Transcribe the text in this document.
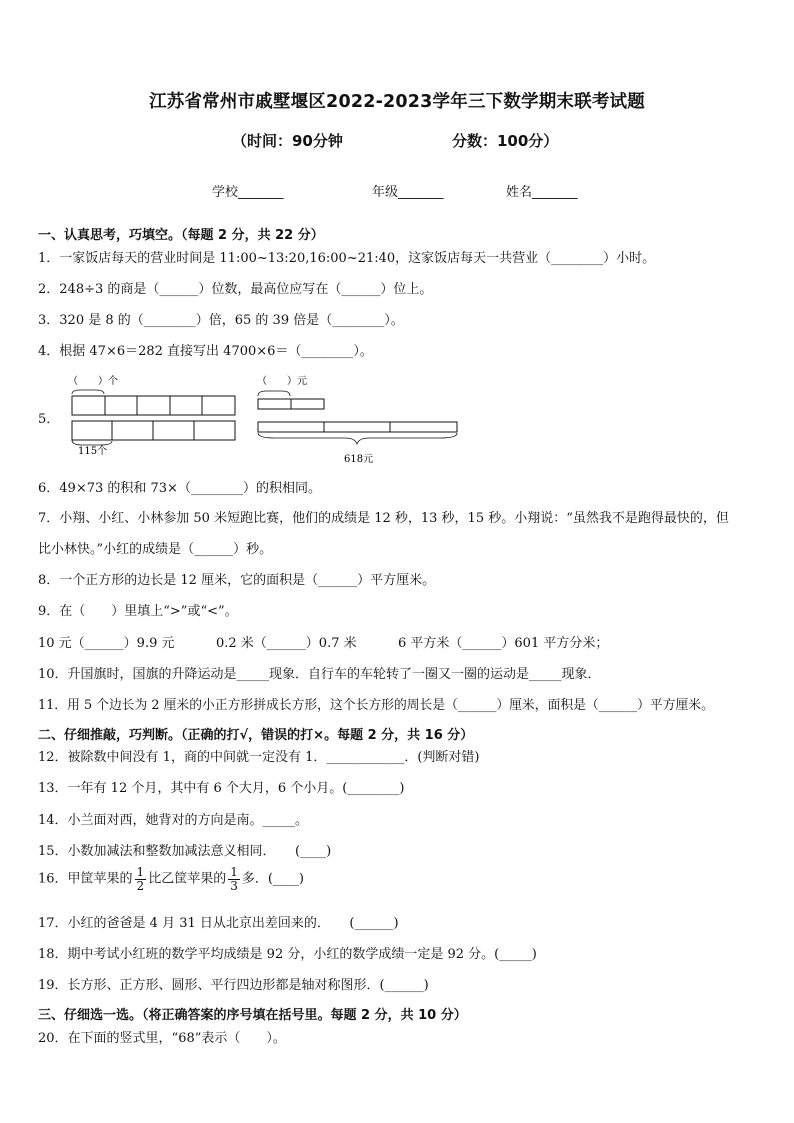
江苏省常州市戚墅堰区2022-2023学年三下数学期末联考试题
（时间：90分钟	分数：100分）
学校_______	年级_______	姓名_______
一、认真思考，巧填空。（每题 2 分，共 22 分）
1．一家饭店每天的营业时间是 11:00~13:20,16:00~21:40，这家饭店每天一共营业（________）小时。
2．248÷3 的商是（______）位数，最高位应写在（______）位上。
3．320 是 8 的（________）倍，65 的 39 倍是（________）。
4．根据 47×6＝282 直接写出 4700×6＝（________）。
5．
（　　）个
115个
（　　）元
618元
6．49×73 的积和 73×（________）的积相同。
7．小翔、小红、小林参加 50 米短跑比赛，他们的成绩是 12 秒，13 秒，15 秒。小翔说：“虽然我不是跑得最快的，但
比小林快。”小红的成绩是（______）秒。
8．一个正方形的边长是 12 厘米，它的面积是（______）平方厘米。
9．在（　　）里填上“>”或“<”。
10 元（______）9.9 元	0.2 米（______）0.7 米	6 平方米（______）601 平方分米；
10．升国旗时，国旗的升降运动是_____现象．自行车的车轮转了一圈又一圈的运动是_____现象．
11．用 5 个边长为 2 厘米的小正方形拼成长方形，这个长方形的周长是（______）厘米，面积是（______）平方厘米。
二、仔细推敲，巧判断。（正确的打√，错误的打×。每题 2 分，共 16 分）
12．被除数中间没有 1，商的中间就一定没有 1．____________．(判断对错)
13．一年有 12 个月，其中有 6 个大月，6 个小月。(________)
14．小兰面对西，她背对的方向是南。_____。
15．小数加减法和整数加减法意义相同．　　(____)
16．甲筐苹果的 $\frac{1}{2}$ 比乙筐苹果的 $\frac{1}{3}$ 多．(____)
17．小红的爸爸是 4 月 31 日从北京出差回来的．　　(______)
18．期中考试小红班的数学平均成绩是 92 分，小红的数学成绩一定是 92 分。(_____)
19．长方形、正方形、圆形、平行四边形都是轴对称图形．(______)
三、仔细选一选。（将正确答案的序号填在括号里。每题 2 分，共 10 分）
20．在下面的竖式里，“68”表示（　　）。
